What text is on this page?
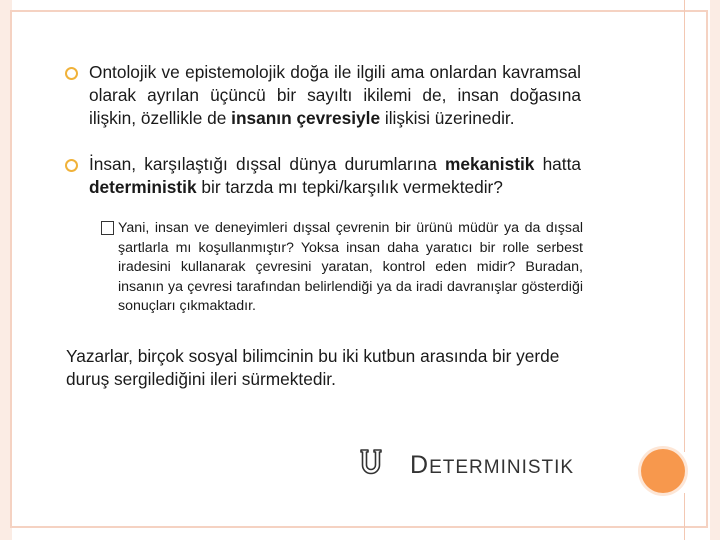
Ontolojik ve epistemolojik doğa ile ilgili ama onlardan kavramsal olarak ayrılan üçüncü bir sayıltı ikilemi de, insan doğasına ilişkin, özellikle de insanın çevresiyle ilişkisi üzerinedir.
İnsan, karşılaştığı dışsal dünya durumlarına mekanistik hatta deterministik bir tarzda mı tepki/karşılık vermektedir?
Yani, insan ve deneyimleri dışsal çevrenin bir ürünü müdür ya da dışsal şartlarla mı koşullanmıştır? Yoksa insan daha yaratıcı bir rolle serbest iradesini kullanarak çevresini yaratan, kontrol eden midir? Buradan, insanın ya çevresi tarafından belirlendiği ya da iradi davranışlar gösterdiği sonuçları çıkmaktadır.
Yazarlar, birçok sosyal bilimcinin bu iki kutbun arasında bir yerde duruş sergilediğini ileri sürmektedir.
DETERMINISTIK
